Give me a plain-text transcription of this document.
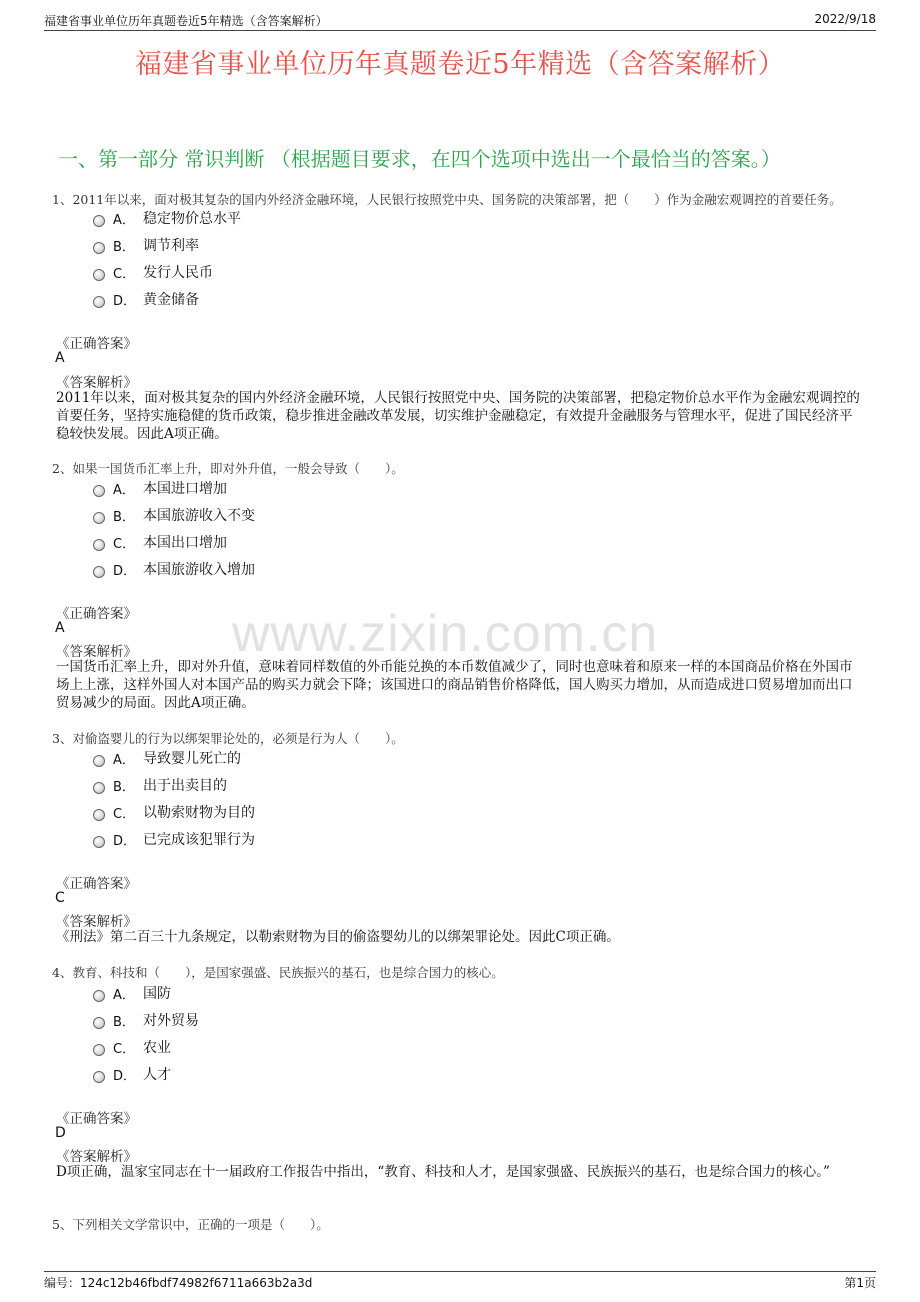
福建省事业单位历年真题卷近5年精选（含答案解析）	2022/9/18
福建省事业单位历年真题卷近5年精选（含答案解析）
一、第一部分 常识判断 （根据题目要求，在四个选项中选出一个最恰当的答案。）
www.zixin.com.cn
1、2011年以来，面对极其复杂的国内外经济金融环境，人民银行按照党中央、国务院的决策部署，把（　　）作为金融宏观调控的首要任务。
A． 稳定物价总水平
B． 调节利率
C． 发行人民币
D． 黄金储备
《正确答案》
A
《答案解析》

2011年以来，面对极其复杂的国内外经济金融环境，人民银行按照党中央、国务院的决策部署，把稳定物价总水平作为金融宏观调控的首要任务，坚持实施稳健的货币政策，稳步推进金融改革发展，切实维护金融稳定，有效提升金融服务与管理水平，促进了国民经济平稳较快发展。因此A项正确。

2、如果一国货币汇率上升，即对外升值，一般会导致（　　）。
A． 本国进口增加
B． 本国旅游收入不变
C． 本国出口增加
D． 本国旅游收入增加
《正确答案》
A
《答案解析》

一国货币汇率上升，即对外升值，意味着同样数值的外币能兑换的本币数值减少了，同时也意味着和原来一样的本国商品价格在外国市场上上涨，这样外国人对本国产品的购买力就会下降；该国进口的商品销售价格降低，国人购买力增加，从而造成进口贸易增加而出口贸易减少的局面。因此A项正确。

3、对偷盗婴儿的行为以绑架罪论处的，必须是行为人（　　）。
A． 导致婴儿死亡的
B． 出于出卖目的
C． 以勒索财物为目的
D． 已完成该犯罪行为
《正确答案》
C
《答案解析》

《刑法》第二百三十九条规定，以勒索财物为目的偷盗婴幼儿的以绑架罪论处。因此C项正确。

4、教育、科技和（　　），是国家强盛、民族振兴的基石，也是综合国力的核心。
A． 国防
B． 对外贸易
C． 农业
D． 人才
《正确答案》
D
《答案解析》

D项正确，温家宝同志在十一届政府工作报告中指出，“教育、科技和人才，是国家强盛、民族振兴的基石，也是综合国力的核心。”

5、下列相关文学常识中，正确的一项是（　　）。
编号：124c12b46fbdf74982f6711a663b2a3d	第1页
